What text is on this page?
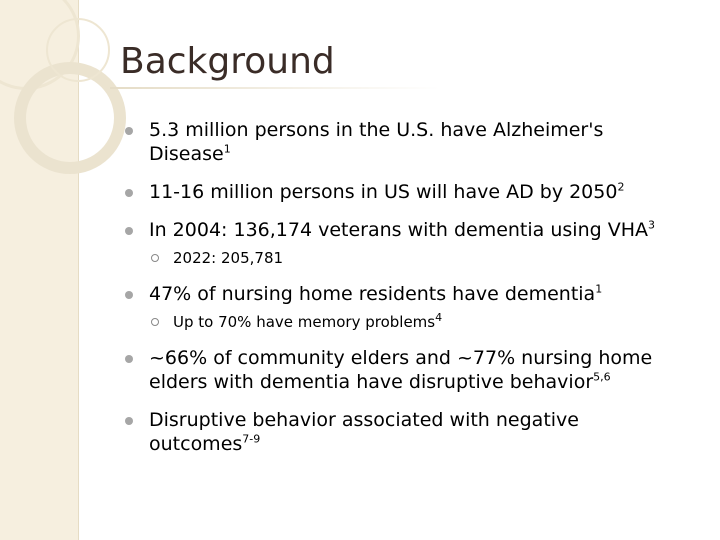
Background
5.3 million persons in the U.S. have Alzheimer's Disease$^1$
11-16 million persons in US will have AD by 2050$^2$
In 2004: 136,174 veterans with dementia using VHA$^3$
2022: 205,781
47% of nursing home residents have dementia$^1$
Up to 70% have memory problems$^4$
~66% of community elders and ~77% nursing home elders with dementia have disruptive behavior$^{5,6}$
Disruptive behavior associated with negative outcomes$^{7-9}$
